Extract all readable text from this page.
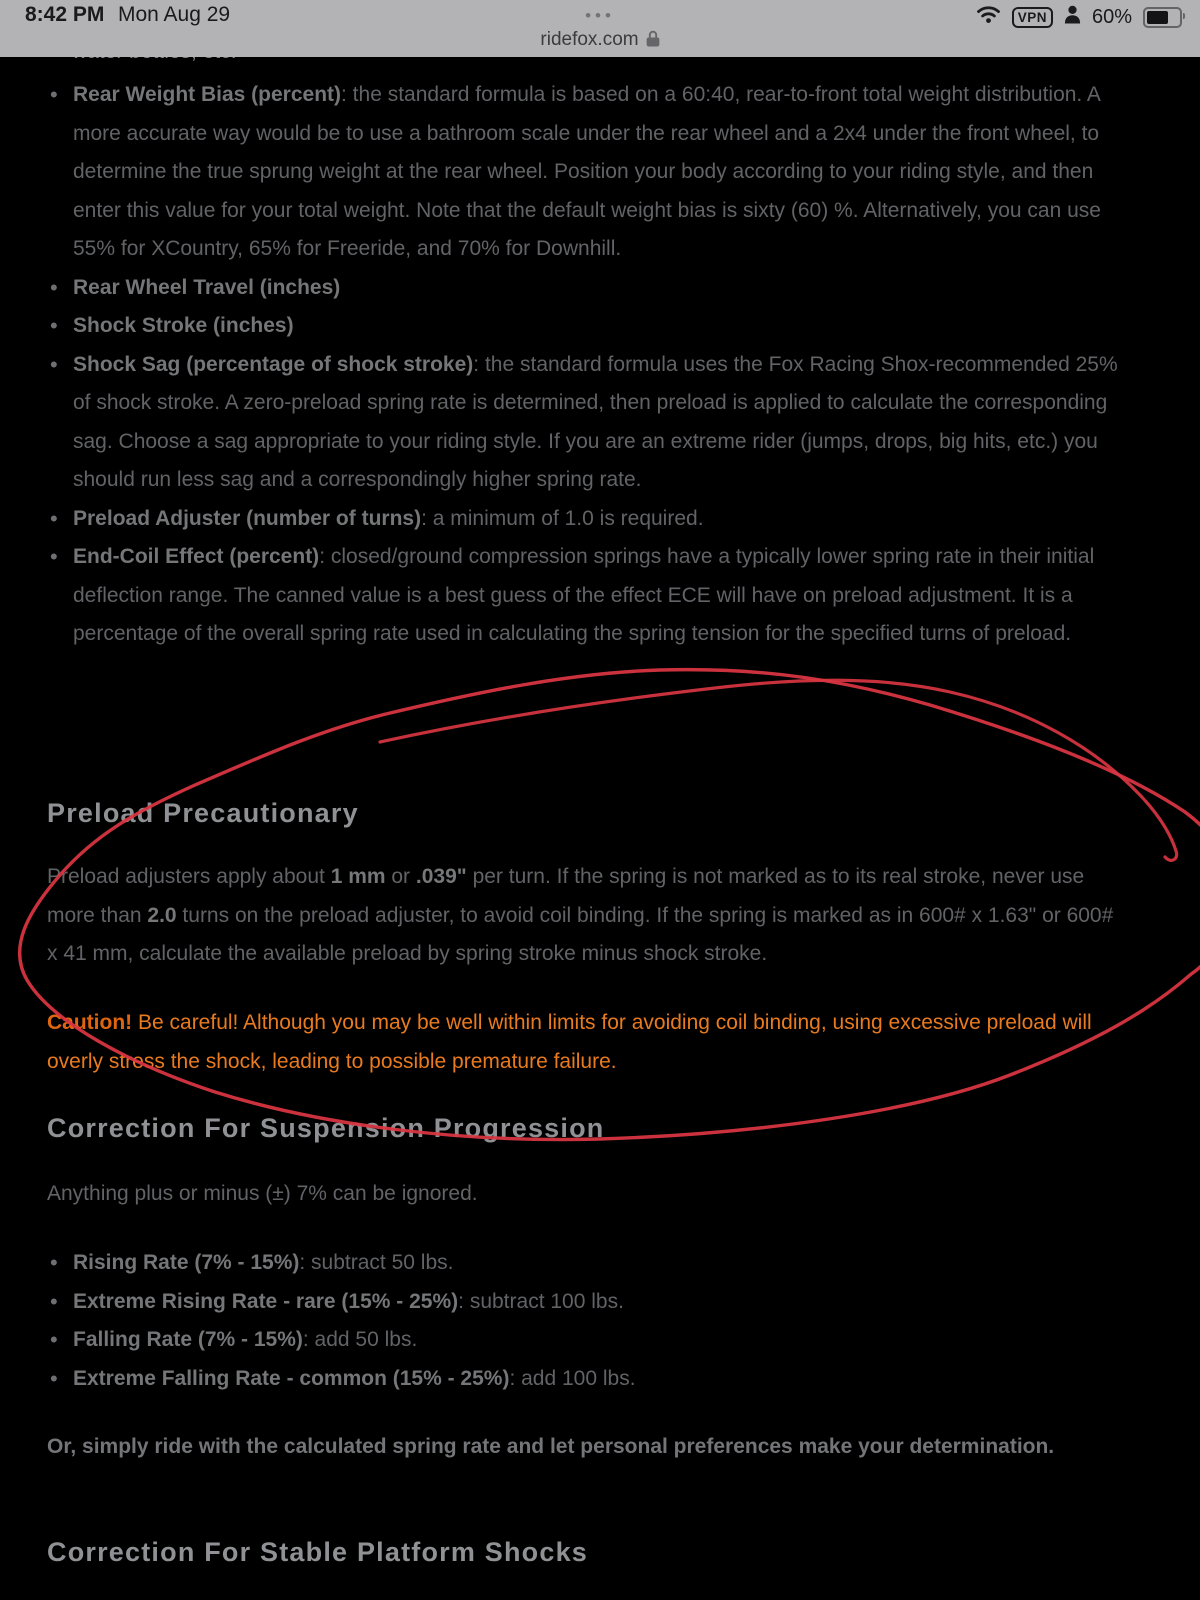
• Rear Weight Bias (percent): the standard formula is based on a 60:40, rear-to-front total weight distribution. A more accurate way would be to use a bathroom scale under the rear wheel and a 2x4 under the front wheel, to determine the true sprung weight at the rear wheel. Position your body according to your riding style, and then enter this value for your total weight. Note that the default weight bias is sixty (60) %. Alternatively, you can use 55% for XCountry, 65% for Freeride, and 70% for Downhill.
• Rear Wheel Travel (inches)
• Shock Stroke (inches)
• Shock Sag (percentage of shock stroke): the standard formula uses the Fox Racing Shox-recommended 25% of shock stroke. A zero-preload spring rate is determined, then preload is applied to calculate the corresponding sag. Choose a sag appropriate to your riding style. If you are an extreme rider (jumps, drops, big hits, etc.) you should run less sag and a correspondingly higher spring rate.
• Preload Adjuster (number of turns): a minimum of 1.0 is required.
• End-Coil Effect (percent): closed/ground compression springs have a typically lower spring rate in their initial deflection range. The canned value is a best guess of the effect ECE will have on preload adjustment. It is a percentage of the overall spring rate used in calculating the spring tension for the specified turns of preload.
Preload Precautionary

Preload adjusters apply about 1 mm or .039" per turn. If the spring is not marked as to its real stroke, never use more than 2.0 turns on the preload adjuster, to avoid coil binding. If the spring is marked as in 600# x 1.63" or 600# x 41 mm, calculate the available preload by spring stroke minus shock stroke.

Caution! Be careful! Although you may be well within limits for avoiding coil binding, using excessive preload will overly stress the shock, leading to possible premature failure.

Correction For Suspension Progression

Anything plus or minus (±) 7% can be ignored.

• Rising Rate (7% - 15%): subtract 50 lbs.
• Extreme Rising Rate - rare (15% - 25%): subtract 100 lbs.
• Falling Rate (7% - 15%): add 50 lbs.
• Extreme Falling Rate - common (15% - 25%): add 100 lbs.

Or, simply ride with the calculated spring rate and let personal preferences make your determination.

Correction For Stable Platform Shocks
8:42 PM Mon Aug 29	•••
ridefox.com
VPN	60%
